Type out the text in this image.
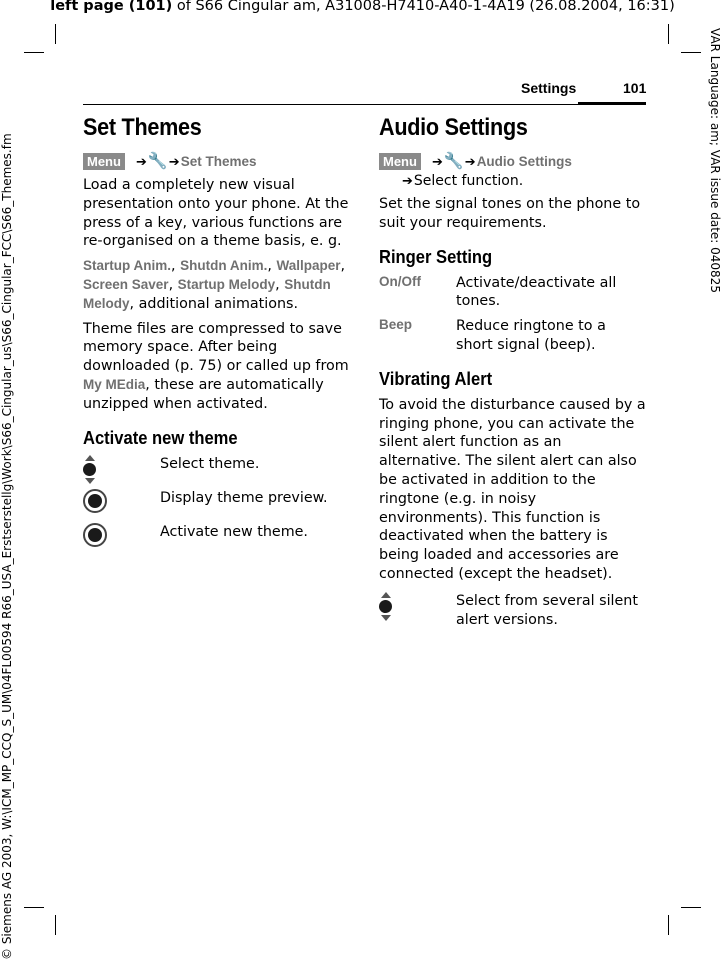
left page (101) of S66 Cingular am, A31008-H7410-A40-1-4A19 (26.08.2004, 16:31)
VAR Language: am; VAR issue date: 040825
© Siemens AG 2003, W:\ICM_MP_CCQ_S_UM\04FL00594 R66_USA_Erstserstellg\Work\S66_Cingular_us\S66_Cingular_FCC\S66_Themes.fm
Settings	101
Set Themes
Menu ➔🔧➔Set Themes

Load a completely new visual presentation onto your phone. At the press of a key, various functions are re-organised on a theme basis, e. g.

Startup Anim., Shutdn Anim., Wallpaper, Screen Saver, Startup Melody, Shutdn Melody, additional animations.

Theme files are compressed to save memory space. After being downloaded (p. 75) or called up from
My MEdia, these are automatically unzipped when activated.

Activate new theme
Select theme.
Display theme preview.
Activate new theme.
Audio Settings
Menu ➔🔧➔Audio Settings
➔Select function.

Set the signal tones on the phone to suit your requirements.

Ringer Setting
On/Off	Activate/deactivate all tones.
Beep	Reduce ringtone to a short signal (beep).
Vibrating Alert

To avoid the disturbance caused by a ringing phone, you can activate the silent alert function as an alternative. The silent alert can also be activated in addition to the ringtone (e.g. in noisy environments). This function is deactivated when the battery is being loaded and accessories are connected (except the headset).

Select from several silent alert versions.
